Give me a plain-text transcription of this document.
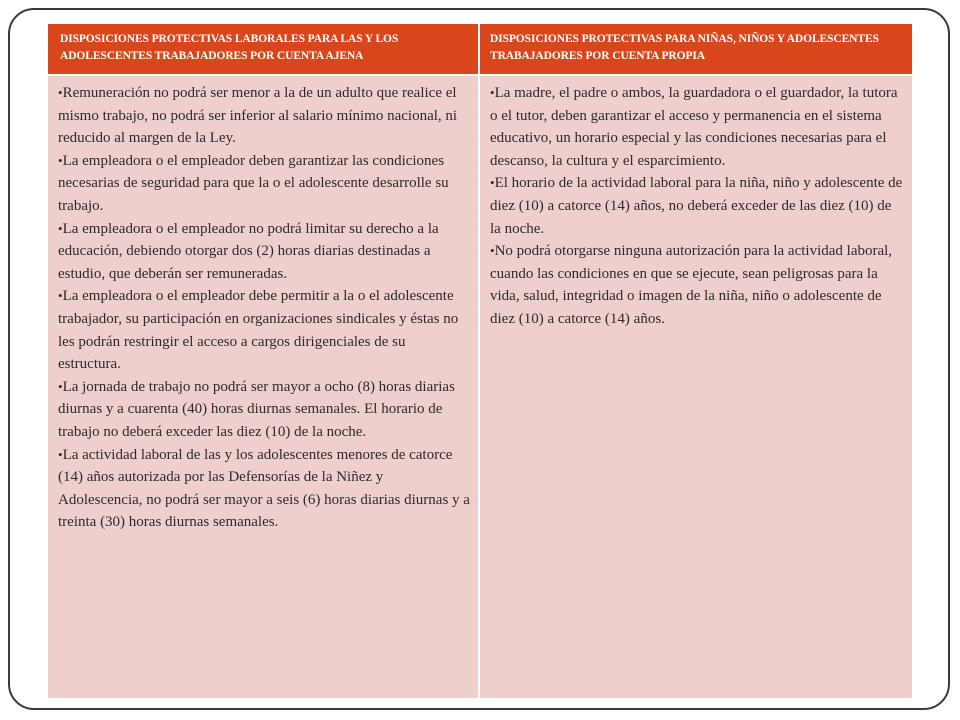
DISPOSICIONES PROTECTIVAS LABORALES PARA LAS Y LOS ADOLESCENTES TRABAJADORES POR CUENTA AJENA
DISPOSICIONES PROTECTIVAS PARA NIÑAS, NIÑOS Y ADOLESCENTES TRABAJADORES POR CUENTA PROPIA
•Remuneración no podrá ser menor a la de un adulto que realice el mismo trabajo, no podrá ser inferior al salario mínimo nacional, ni reducido al margen de la Ley.
•La empleadora o el empleador deben garantizar las condiciones necesarias de seguridad para que la o el adolescente desarrolle su trabajo.
•La empleadora o el empleador no podrá limitar su derecho a la educación, debiendo otorgar dos (2) horas diarias destinadas a estudio, que deberán ser remuneradas.
•La empleadora o el empleador debe permitir a la o el adolescente trabajador, su participación en organizaciones sindicales y éstas no les podrán restringir el acceso a cargos dirigenciales de su estructura.
•La jornada de trabajo no podrá ser mayor a ocho (8) horas diarias diurnas y a cuarenta (40) horas diurnas semanales. El horario de trabajo no deberá exceder las diez (10) de la noche.
•La actividad laboral de las y los adolescentes menores de catorce (14) años autorizada por las Defensorías de la Niñez y Adolescencia, no podrá ser mayor a seis (6) horas diarias diurnas y a treinta (30) horas diurnas semanales.
•La madre, el padre o ambos, la guardadora o el guardador, la tutora o el tutor, deben garantizar el acceso y permanencia en el sistema educativo, un horario especial y las condiciones necesarias para el descanso, la cultura y el esparcimiento.
•El horario de la actividad laboral para la niña, niño y adolescente de diez (10) a catorce (14) años, no deberá exceder de las diez (10) de la noche.
•No podrá otorgarse ninguna autorización para la actividad laboral, cuando las condiciones en que se ejecute, sean peligrosas para la vida, salud, integridad o imagen de la niña, niño o adolescente de diez (10) a catorce (14) años.
